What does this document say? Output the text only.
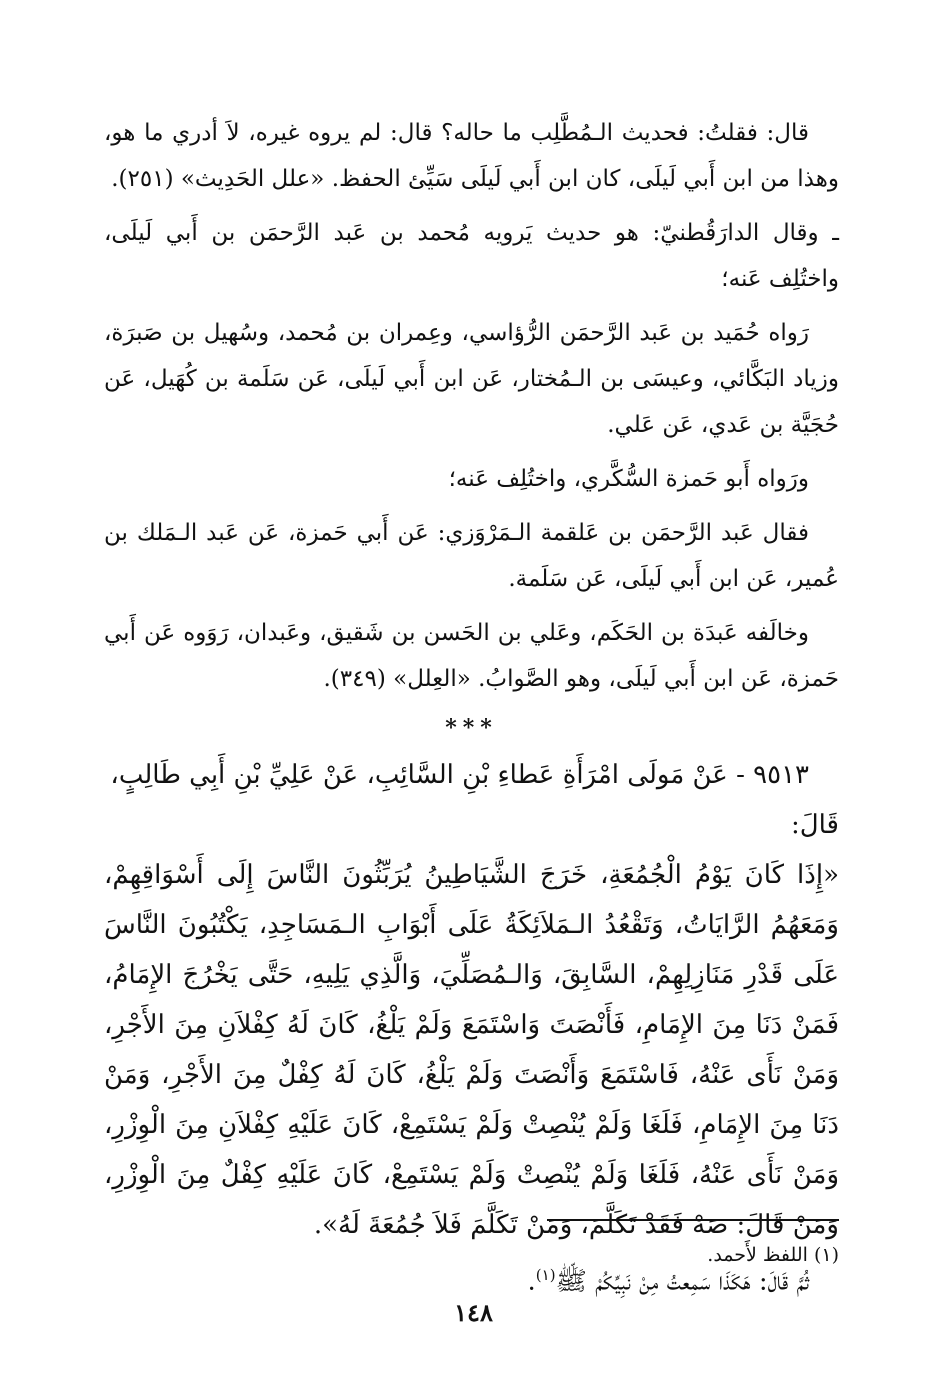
قال: فقلتُ: فحديث الـمُطَّلِب ما حاله؟ قال: لم يروه غيره، لاَ أدري ما هو، وهذا من ابن أَبي لَيلَى، كان ابن أَبي لَيلَى سَيِّئ الحفظ. «علل الحَدِيث» (٢٥١).

ـ وقال الدارَقُطنيّ: هو حديث يَرويه مُحمد بن عَبد الرَّحمَن بن أَبي لَيلَى، واختُلِف عَنه؛

رَواه حُمَيد بن عَبد الرَّحمَن الرُّؤاسي، وعِمران بن مُحمد، وسُهيل بن صَبرَة، وزياد البَكَّائي، وعيسَى بن الـمُختار، عَن ابن أَبي لَيلَى، عَن سَلَمة بن كُهَيل، عَن حُجَيَّة بن عَدي، عَن عَلي.

ورَواه أَبو حَمزة السُّكَّري، واختُلِف عَنه؛

فقال عَبد الرَّحمَن بن عَلقمة الـمَرْوَزي: عَن أَبي حَمزة، عَن عَبد الـمَلك بن عُمير، عَن ابن أَبي لَيلَى، عَن سَلَمة.

وخالَفه عَبدَة بن الحَكَم، وعَلي بن الحَسن بن شَقيق، وعَبدان، رَوَوه عَن أَبي حَمزة، عَن ابن أَبي لَيلَى، وهو الصَّوابُ. «العِلل» (٣٤٩).

***

٩٥١٣ - عَنْ مَولَى امْرَأَةِ عَطاءِ بْنِ السَّائِبِ، عَنْ عَلِيِّ بْنِ أَبِي طَالِبٍ، قَالَ:

«إِذَا كَانَ يَوْمُ الْجُمُعَةِ، خَرَجَ الشَّيَاطِينُ يُرَبِّثُونَ النَّاسَ إِلَى أَسْوَاقِهِمْ، وَمَعَهُمُ الرَّايَاتُ، وَتَقْعُدُ الـمَلاَئِكَةُ عَلَى أَبْوَابِ الـمَسَاجِدِ، يَكْتُبُونَ النَّاسَ عَلَى قَدْرِ مَنَازِلِهِمْ، السَّابِقَ، وَالـمُصَلِّيَ، وَالَّذِي يَلِيهِ، حَتَّى يَخْرُجَ الإِمَامُ، فَمَنْ دَنَا مِنَ الإِمَامِ، فَأَنْصَتَ وَاسْتَمَعَ وَلَمْ يَلْغُ، كَانَ لَهُ كِفْلاَنِ مِنَ الأَجْرِ، وَمَنْ نَأَى عَنْهُ، فَاسْتَمَعَ وَأَنْصَتَ وَلَمْ يَلْغُ، كَانَ لَهُ كِفْلٌ مِنَ الأَجْرِ، وَمَنْ دَنَا مِنَ الإِمَامِ، فَلَغَا وَلَمْ يُنْصِتْ وَلَمْ يَسْتَمِعْ، كَانَ عَلَيْهِ كِفْلاَنِ مِنَ الْوِزْرِ، وَمَنْ نَأَى عَنْهُ، فَلَغَا وَلَمْ يُنْصِتْ وَلَمْ يَسْتَمِعْ، كَانَ عَلَيْهِ كِفْلٌ مِنَ الْوِزْرِ، وَمَنْ قَالَ: صَهْ فَقَدْ تَكَلَّمَ، وَمَنْ تَكَلَّمَ فَلاَ جُمُعَةَ لَهُ».

ثُمَّ قَالَ: هَكَذَا سَمِعتُ مِنْ نَبِيِّكُمْ ﷺ$^{(١)}$.

(١) اللفظ لأَحمد.
١٤٨
